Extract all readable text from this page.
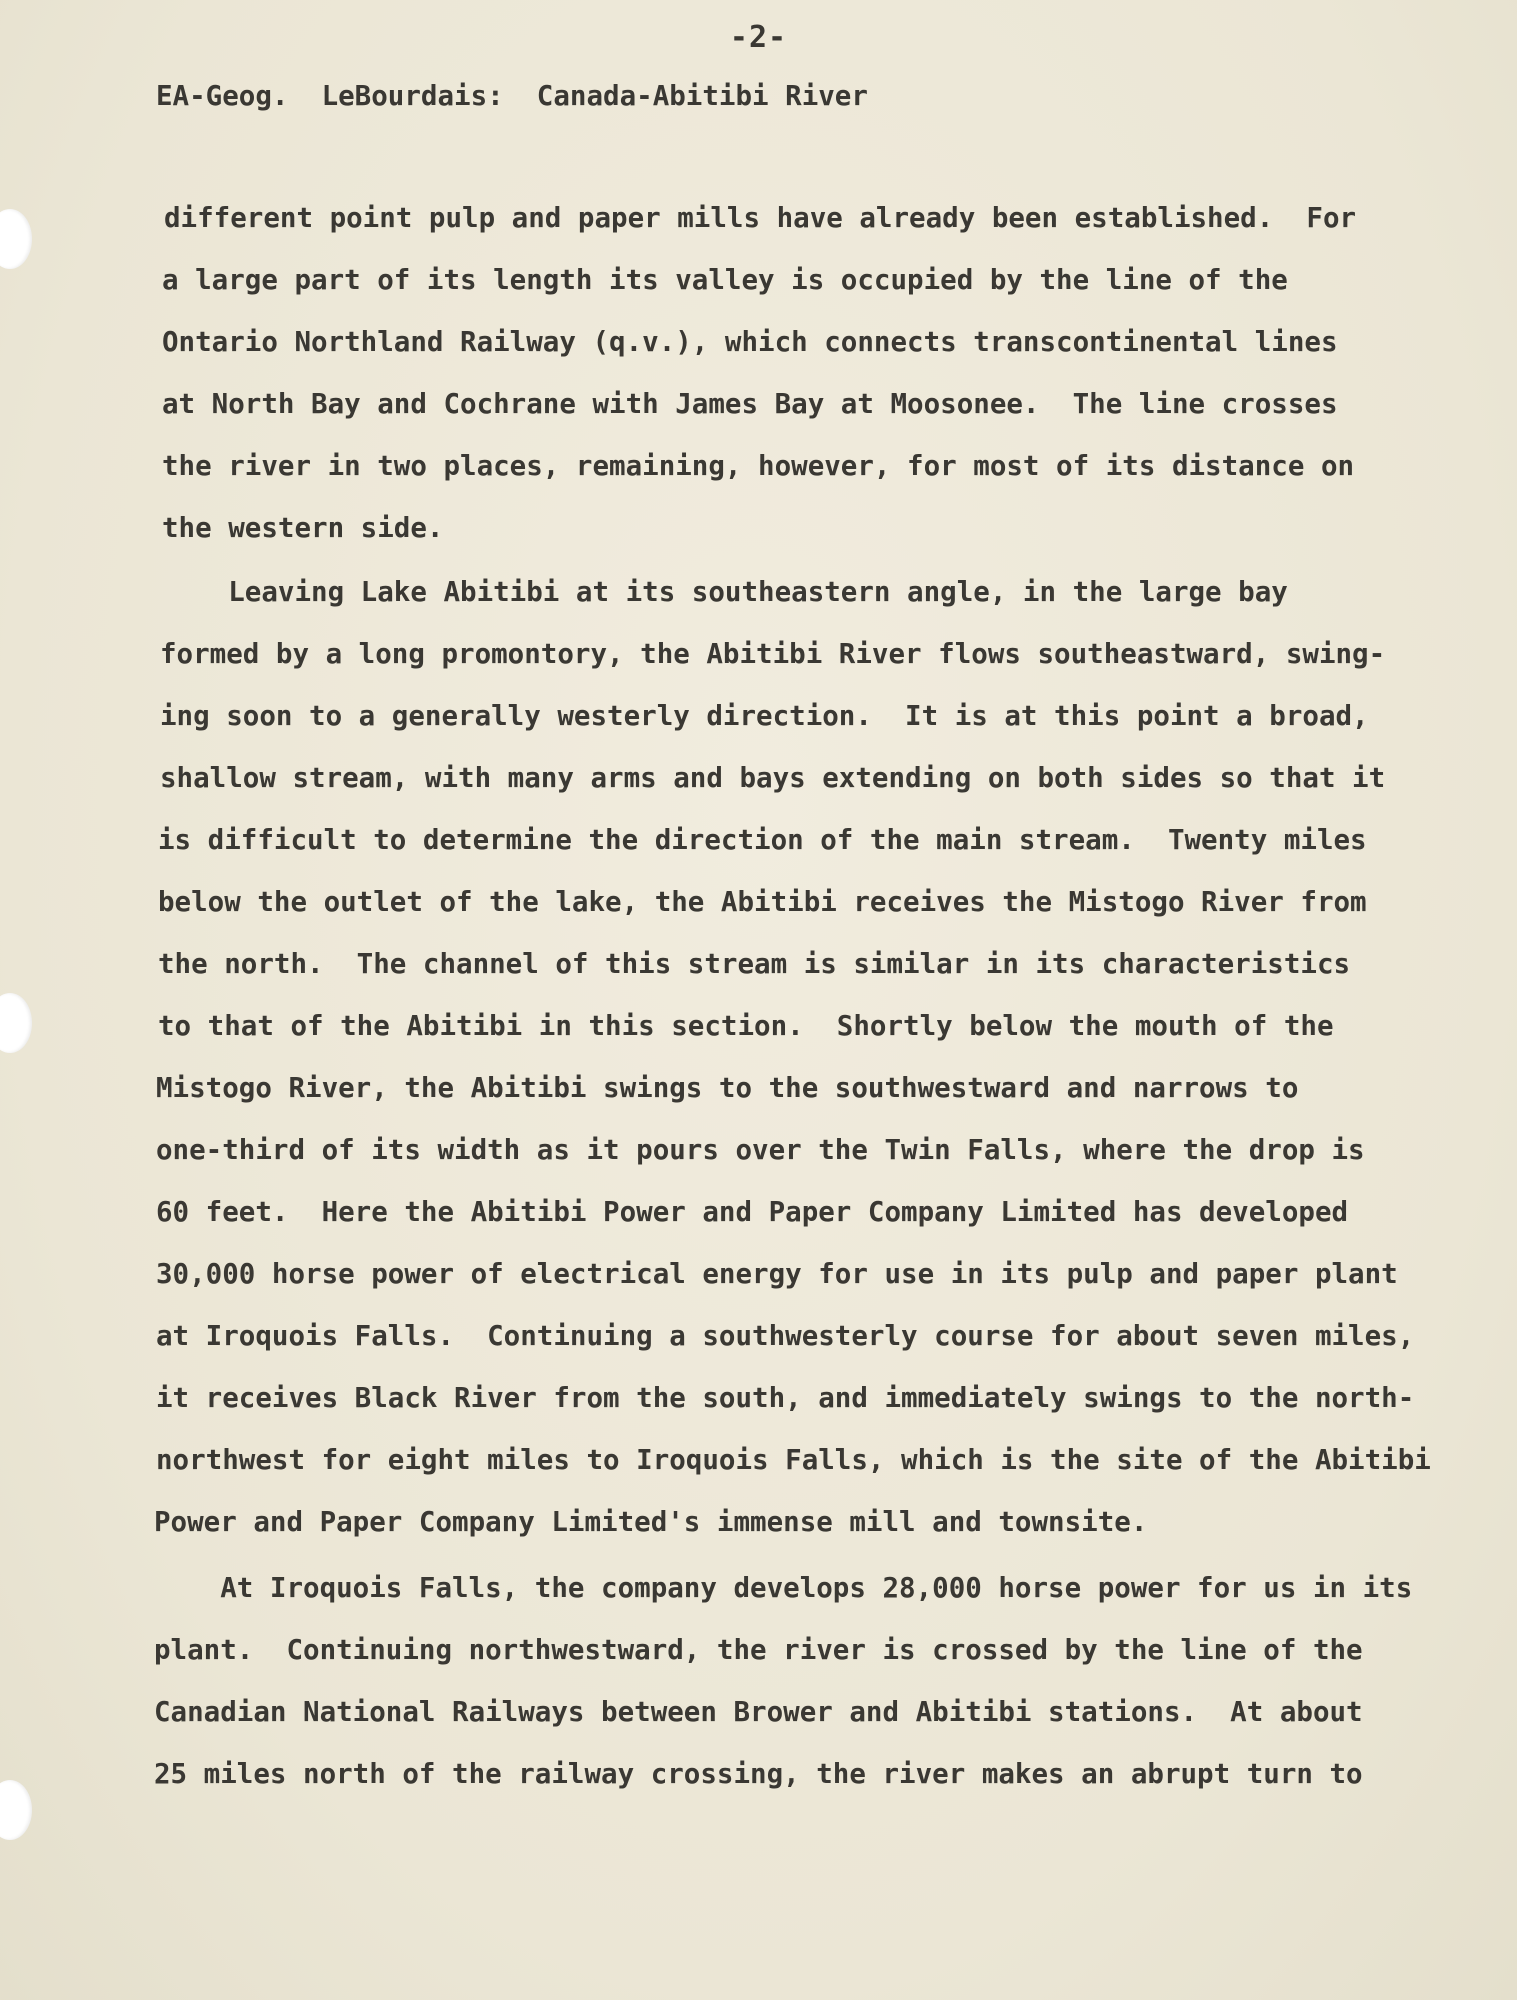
-2-
EA-Geog.  LeBourdais:  Canada-Abitibi River
different point pulp and paper mills have already been established.  For
a large part of its length its valley is occupied by the line of the
Ontario Northland Railway (q.v.), which connects transcontinental lines
at North Bay and Cochrane with James Bay at Moosonee.  The line crosses
the river in two places, remaining, however, for most of its distance on
the western side.
Leaving Lake Abitibi at its southeastern angle, in the large bay
formed by a long promontory, the Abitibi River flows southeastward, swing-
ing soon to a generally westerly direction.  It is at this point a broad,
shallow stream, with many arms and bays extending on both sides so that it
is difficult to determine the direction of the main stream.  Twenty miles
below the outlet of the lake, the Abitibi receives the Mistogo River from
the north.  The channel of this stream is similar in its characteristics
to that of the Abitibi in this section.  Shortly below the mouth of the
Mistogo River, the Abitibi swings to the southwestward and narrows to
one-third of its width as it pours over the Twin Falls, where the drop is
60 feet.  Here the Abitibi Power and Paper Company Limited has developed
30,000 horse power of electrical energy for use in its pulp and paper plant
at Iroquois Falls.  Continuing a southwesterly course for about seven miles,
it receives Black River from the south, and immediately swings to the north-
northwest for eight miles to Iroquois Falls, which is the site of the Abitibi
Power and Paper Company Limited's immense mill and townsite.
At Iroquois Falls, the company develops 28,000 horse power for us in its
plant.  Continuing northwestward, the river is crossed by the line of the
Canadian National Railways between Brower and Abitibi stations.  At about
25 miles north of the railway crossing, the river makes an abrupt turn to
